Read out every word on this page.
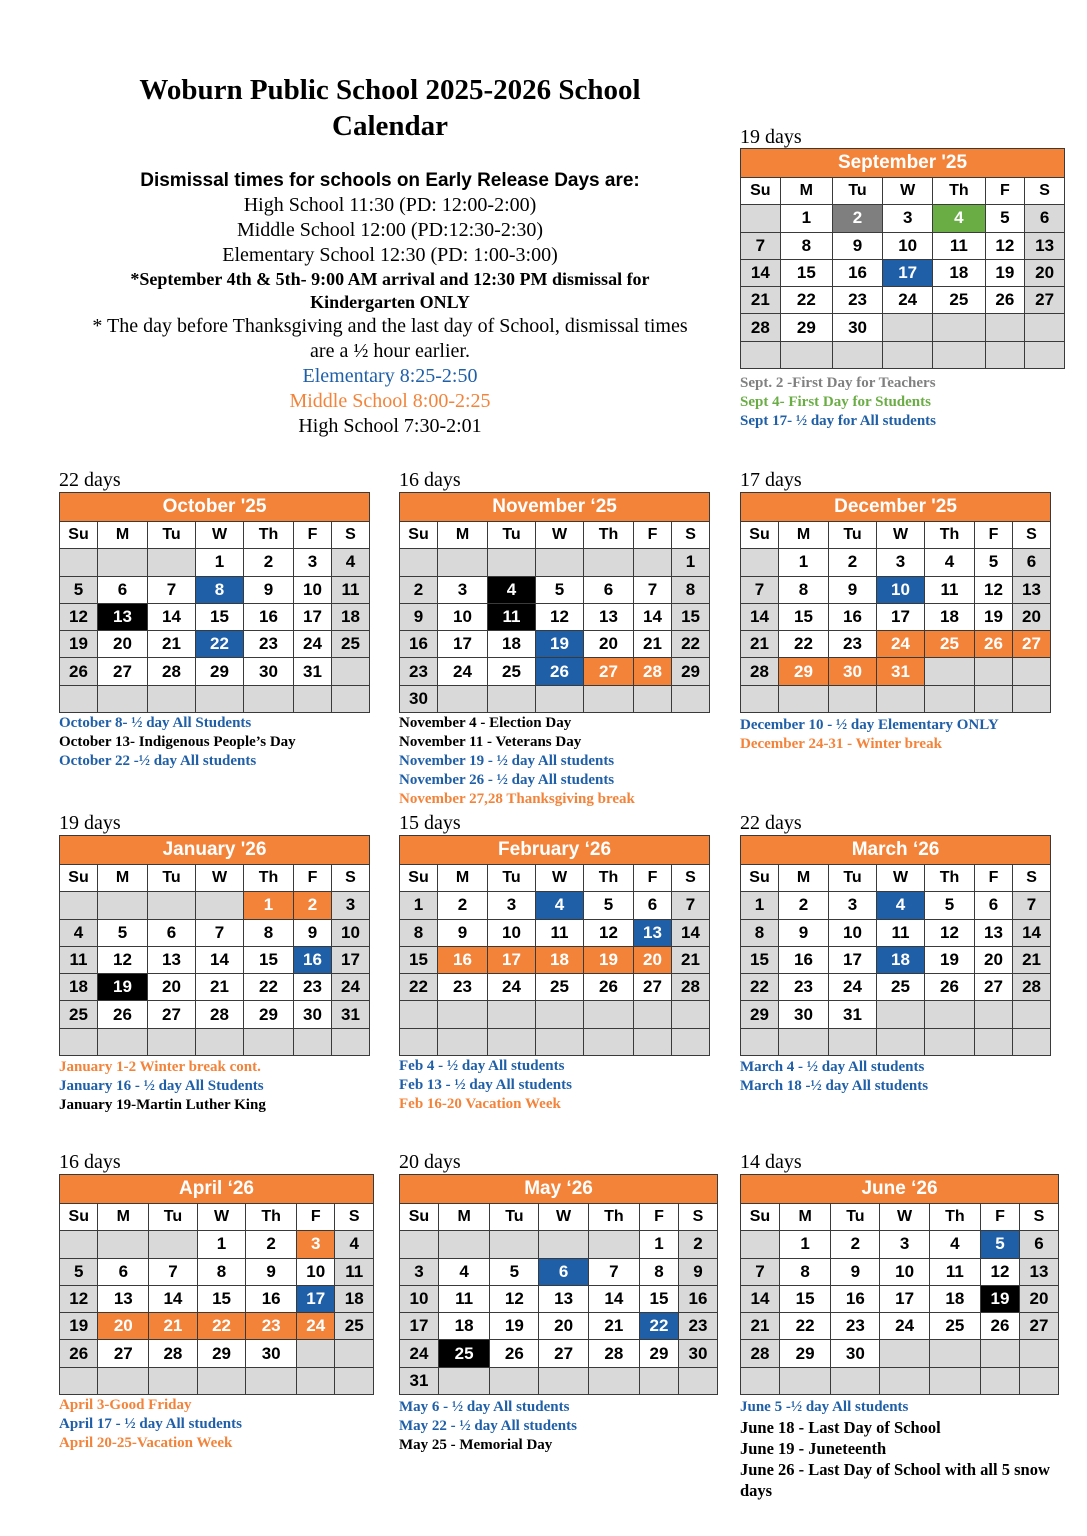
Woburn Public School 2025-2026 School
Calendar
Dismissal times for schools on Early Release Days are:
High School 11:30 (PD: 12:00-2:00)
Middle School 12:00 (PD:12:30-2:30)
Elementary School 12:30 (PD: 1:00-3:00)
*September 4th & 5th- 9:00 AM arrival and 12:30 PM dismissal for
Kindergarten ONLY
* The day before Thanksgiving and the last day of School, dismissal times
are a ½ hour earlier.
Elementary 8:25-2:50
Middle School 8:00-2:25
High School 7:30-2:01
19 days
September '25						
Su	M	Tu	W	Th	F	S
	1	2	3	4	5	6
7	8	9	10	11	12	13
14	15	16	17	18	19	20
21	22	23	24	25	26	27
28	29	30				

Sept. 2 -First Day for Teachers
Sept 4- First Day for Students
Sept 17- ½ day for All students
22 days
October '25						
Su	M	Tu	W	Th	F	S
			1	2	3	4
5	6	7	8	9	10	11
12	13	14	15	16	17	18
19	20	21	22	23	24	25
26	27	28	29	30	31	

October 8- ½ day All Students
October 13- Indigenous People’s Day
October 22 -½ day All students
16 days
November ‘25						
Su	M	Tu	W	Th	F	S
						1
2	3	4	5	6	7	8
9	10	11	12	13	14	15
16	17	18	19	20	21	22
23	24	25	26	27	28	29
30						
November 4 - Election Day
November 11 - Veterans Day
November 19 - ½ day All students
November 26 - ½ day All students
November 27,28 Thanksgiving break
17 days
December '25						
Su	M	Tu	W	Th	F	S
	1	2	3	4	5	6
7	8	9	10	11	12	13
14	15	16	17	18	19	20
21	22	23	24	25	26	27
28	29	30	31			

December 10 - ½ day Elementary ONLY
December 24-31 - Winter break
19 days
January '26						
Su	M	Tu	W	Th	F	S
				1	2	3
4	5	6	7	8	9	10
11	12	13	14	15	16	17
18	19	20	21	22	23	24
25	26	27	28	29	30	31

January 1-2 Winter break cont.
January 16 - ½ day All Students
January 19-Martin Luther King
15 days
February ‘26						
Su	M	Tu	W	Th	F	S
1	2	3	4	5	6	7
8	9	10	11	12	13	14
15	16	17	18	19	20	21
22	23	24	25	26	27	28

Feb 4 - ½ day All students
Feb 13 - ½ day All students
Feb 16-20 Vacation Week
22 days
March ‘26						
Su	M	Tu	W	Th	F	S
1	2	3	4	5	6	7
8	9	10	11	12	13	14
15	16	17	18	19	20	21
22	23	24	25	26	27	28
29	30	31				

March 4 - ½ day All students
March 18 -½ day All students
16 days
April ‘26						
Su	M	Tu	W	Th	F	S
			1	2	3	4
5	6	7	8	9	10	11
12	13	14	15	16	17	18
19	20	21	22	23	24	25
26	27	28	29	30		

April 3-Good Friday
April 17 - ½ day All students
April 20-25-Vacation Week
20 days
May ‘26						
Su	M	Tu	W	Th	F	S
					1	2
3	4	5	6	7	8	9
10	11	12	13	14	15	16
17	18	19	20	21	22	23
24	25	26	27	28	29	30
31						
May 6 - ½ day All students
May 22 - ½ day All students
May 25 - Memorial Day
14 days
June ‘26						
Su	M	Tu	W	Th	F	S
	1	2	3	4	5	6
7	8	9	10	11	12	13
14	15	16	17	18	19	20
21	22	23	24	25	26	27
28	29	30				

June 5 -½ day All students
June 18 - Last Day of School
June 19 - Juneteenth
June 26 - Last Day of School with all 5 snow days
